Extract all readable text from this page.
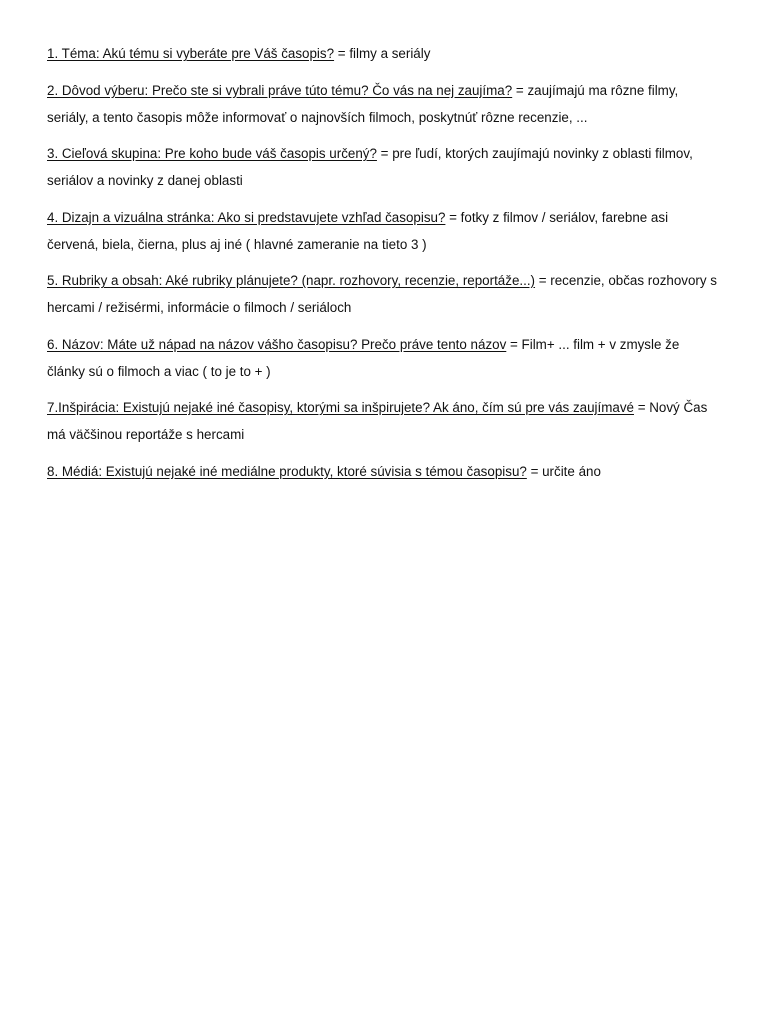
1. Téma: Akú tému si vyberáte pre Váš časopis? = filmy a seriály

2. Dôvod výberu: Prečo ste si vybrali práve túto tému? Čo vás na nej zaujíma? = zaujímajú ma rôzne filmy, seriály, a tento časopis môže informovať o najnovších filmoch, poskytnúť rôzne recenzie, ...

3. Cieľová skupina: Pre koho bude váš časopis určený? = pre ľudí, ktorých zaujímajú novinky z oblasti filmov, seriálov a novinky z danej oblasti

4. Dizajn a vizuálna stránka: Ako si predstavujete vzhľad časopisu? = fotky z filmov / seriálov, farebne asi červená, biela, čierna, plus aj iné ( hlavné zameranie na tieto 3 )

5. Rubriky a obsah: Aké rubriky plánujete? (napr. rozhovory, recenzie, reportáže...) = recenzie, občas rozhovory s hercami / režisérmi, informácie o filmoch / seriáloch

6. Názov: Máte už nápad na názov vášho časopisu? Prečo práve tento názov = Film+ ... film + v zmysle že články sú o filmoch a viac ( to je to + )

7.Inšpirácia: Existujú nejaké iné časopisy, ktorými sa inšpirujete? Ak áno, čím sú pre vás zaujímavé = Nový Čas má väčšinou reportáže s hercami

8. Médiá: Existujú nejaké iné mediálne produkty, ktoré súvisia s témou časopisu? = určite áno
